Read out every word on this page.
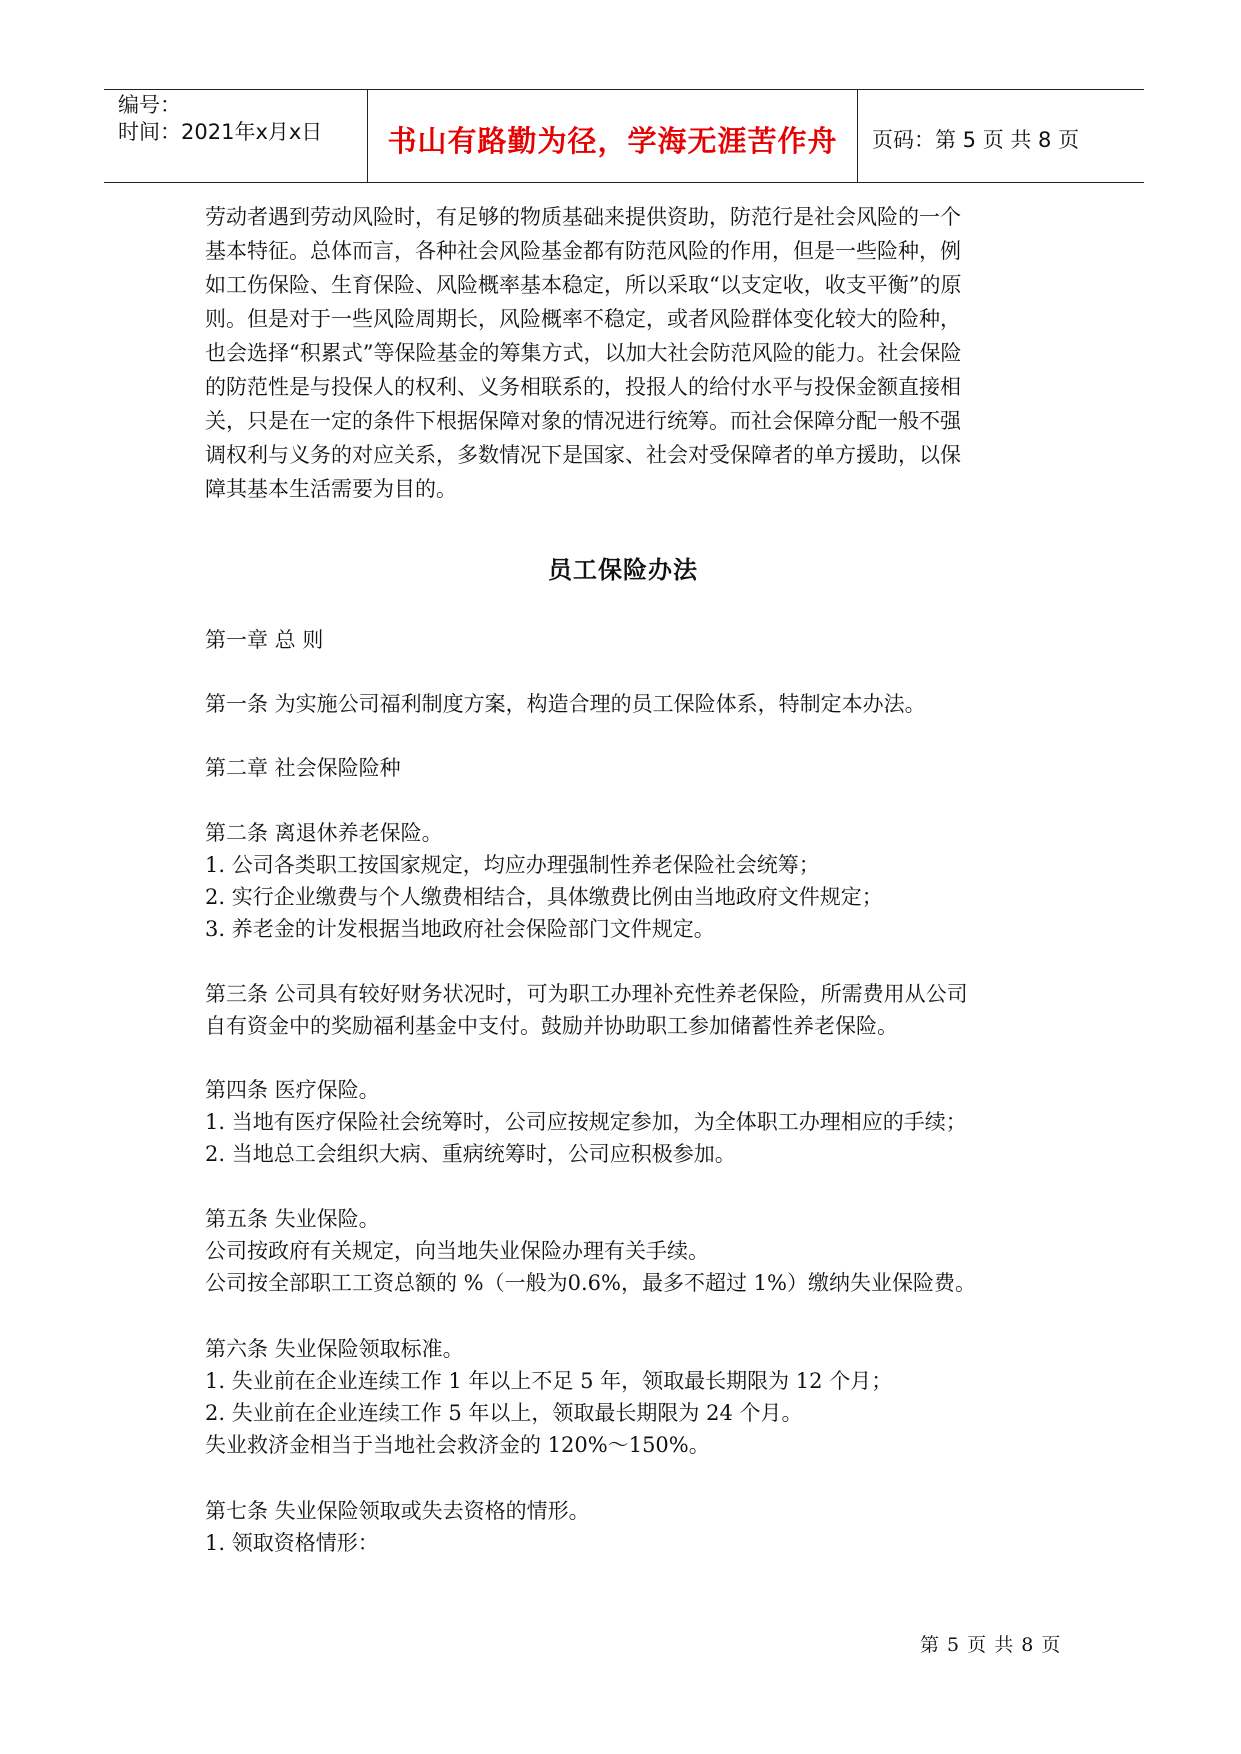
编号：
时间：2021年x月x日	书山有路勤为径，学海无涯苦作舟	页码：第 5 页 共 8 页

劳动者遇到劳动风险时，有足够的物质基础来提供资助，防范行是社会风险的一个

基本特征。总体而言，各种社会风险基金都有防范风险的作用，但是一些险种，例

如工伤保险、生育保险、风险概率基本稳定，所以采取“以支定收，收支平衡”的原

则。但是对于一些风险周期长，风险概率不稳定，或者风险群体变化较大的险种，

也会选择“积累式”等保险基金的筹集方式，以加大社会防范风险的能力。社会保险

的防范性是与投保人的权利、义务相联系的，投报人的给付水平与投保金额直接相

关，只是在一定的条件下根据保障对象的情况进行统筹。而社会保障分配一般不强

调权利与义务的对应关系，多数情况下是国家、社会对受保障者的单方援助，以保

障其基本生活需要为目的。

员工保险办法
第一章 总 则
第一条 为实施公司福利制度方案，构造合理的员工保险体系，特制定本办法。
第二章 社会保险险种
第二条 离退休养老保险。
1. 公司各类职工按国家规定，均应办理强制性养老保险社会统筹；
2. 实行企业缴费与个人缴费相结合，具体缴费比例由当地政府文件规定；
3. 养老金的计发根据当地政府社会保险部门文件规定。
第三条 公司具有较好财务状况时，可为职工办理补充性养老保险，所需费用从公司
自有资金中的奖励福利基金中支付。鼓励并协助职工参加储蓄性养老保险。
第四条 医疗保险。
1. 当地有医疗保险社会统筹时，公司应按规定参加，为全体职工办理相应的手续；
2. 当地总工会组织大病、重病统筹时，公司应积极参加。
第五条 失业保险。
公司按政府有关规定，向当地失业保险办理有关手续。
公司按全部职工工资总额的 %（一般为0.6%，最多不超过 1%）缴纳失业保险费。
第六条 失业保险领取标准。
1. 失业前在企业连续工作 1 年以上不足 5 年，领取最长期限为 12 个月；
2. 失业前在企业连续工作 5 年以上，领取最长期限为 24 个月。
失业救济金相当于当地社会救济金的 120%～150%。
第七条 失业保险领取或失去资格的情形。
1. 领取资格情形：
第 5 页 共 8 页
